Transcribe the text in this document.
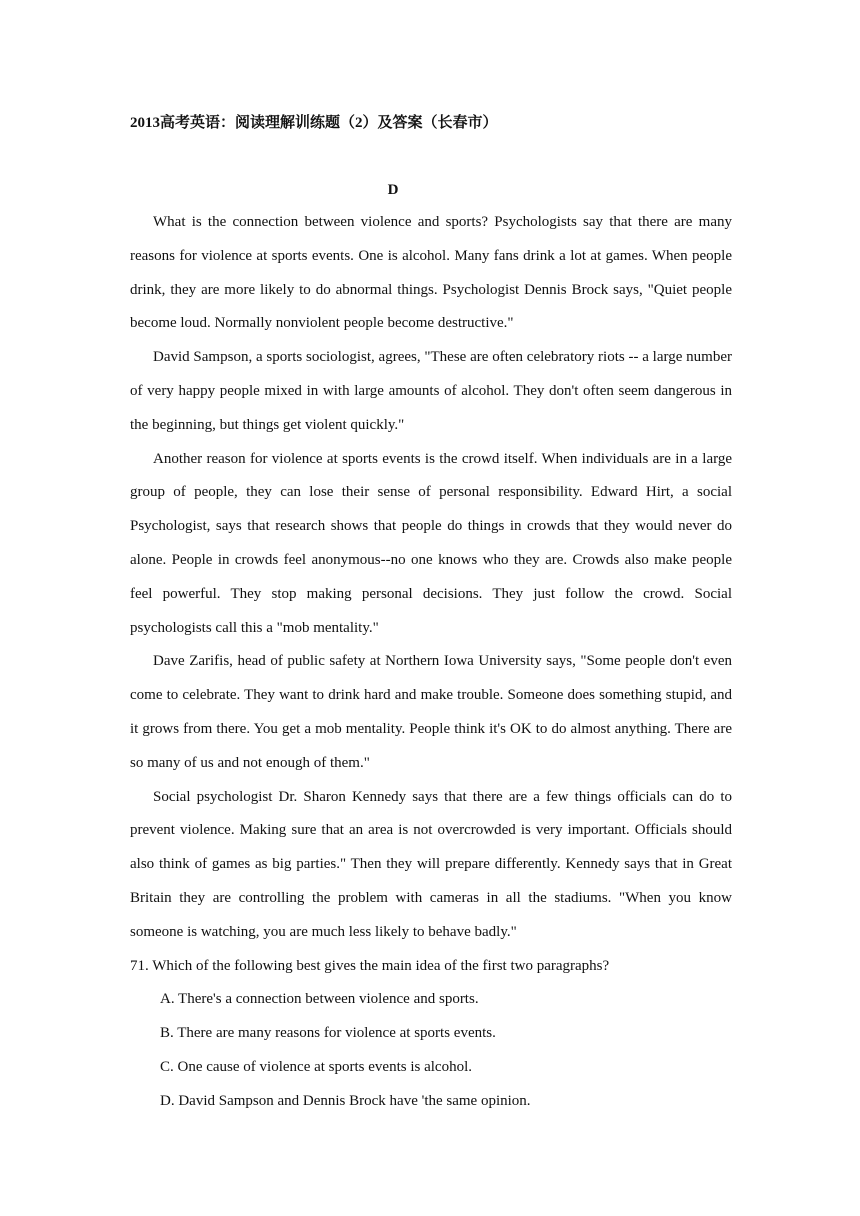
2013高考英语：阅读理解训练题（2）及答案（长春市）
D

What is the connection between violence and sports? Psychologists say that there are many reasons for violence at sports events. One is alcohol. Many fans drink a lot at games. When people drink, they are more likely to do abnormal things. Psychologist Dennis Brock says, "Quiet people become loud. Normally nonviolent people become destructive."

David Sampson, a sports sociologist, agrees, "These are often celebratory riots -- a large number of very happy people mixed in with large amounts of alcohol. They don't often seem dangerous in the beginning, but things get violent quickly."

Another reason for violence at sports events is the crowd itself. When individuals are in a large group of people, they can lose their sense of personal responsibility. Edward Hirt, a social Psychologist, says that research shows that people do things in crowds that they would never do alone. People in crowds feel anonymous--no one knows who they are. Crowds also make people feel powerful. They stop making personal decisions. They just follow the crowd. Social psychologists call this a "mob mentality."

Dave Zarifis, head of public safety at Northern Iowa University says, "Some people don't even come to celebrate. They want to drink hard and make trouble. Someone does something stupid, and it grows from there. You get a mob mentality. People think it's OK to do almost anything. There are so many of us and not enough of them."

Social psychologist Dr. Sharon Kennedy says that there are a few things officials can do to prevent violence. Making sure that an area is not overcrowded is very important. Officials should also think of games as big parties." Then they will prepare differently. Kennedy says that in Great Britain they are controlling the problem with cameras in all the stadiums. "When you know someone is watching, you are much less likely to behave badly."

71. Which of the following best gives the main idea of the first two paragraphs?

A. There's a connection between violence and sports.

B. There are many reasons for violence at sports events.

C. One cause of violence at sports events is alcohol.

D. David Sampson and Dennis Brock have 'the same opinion.
